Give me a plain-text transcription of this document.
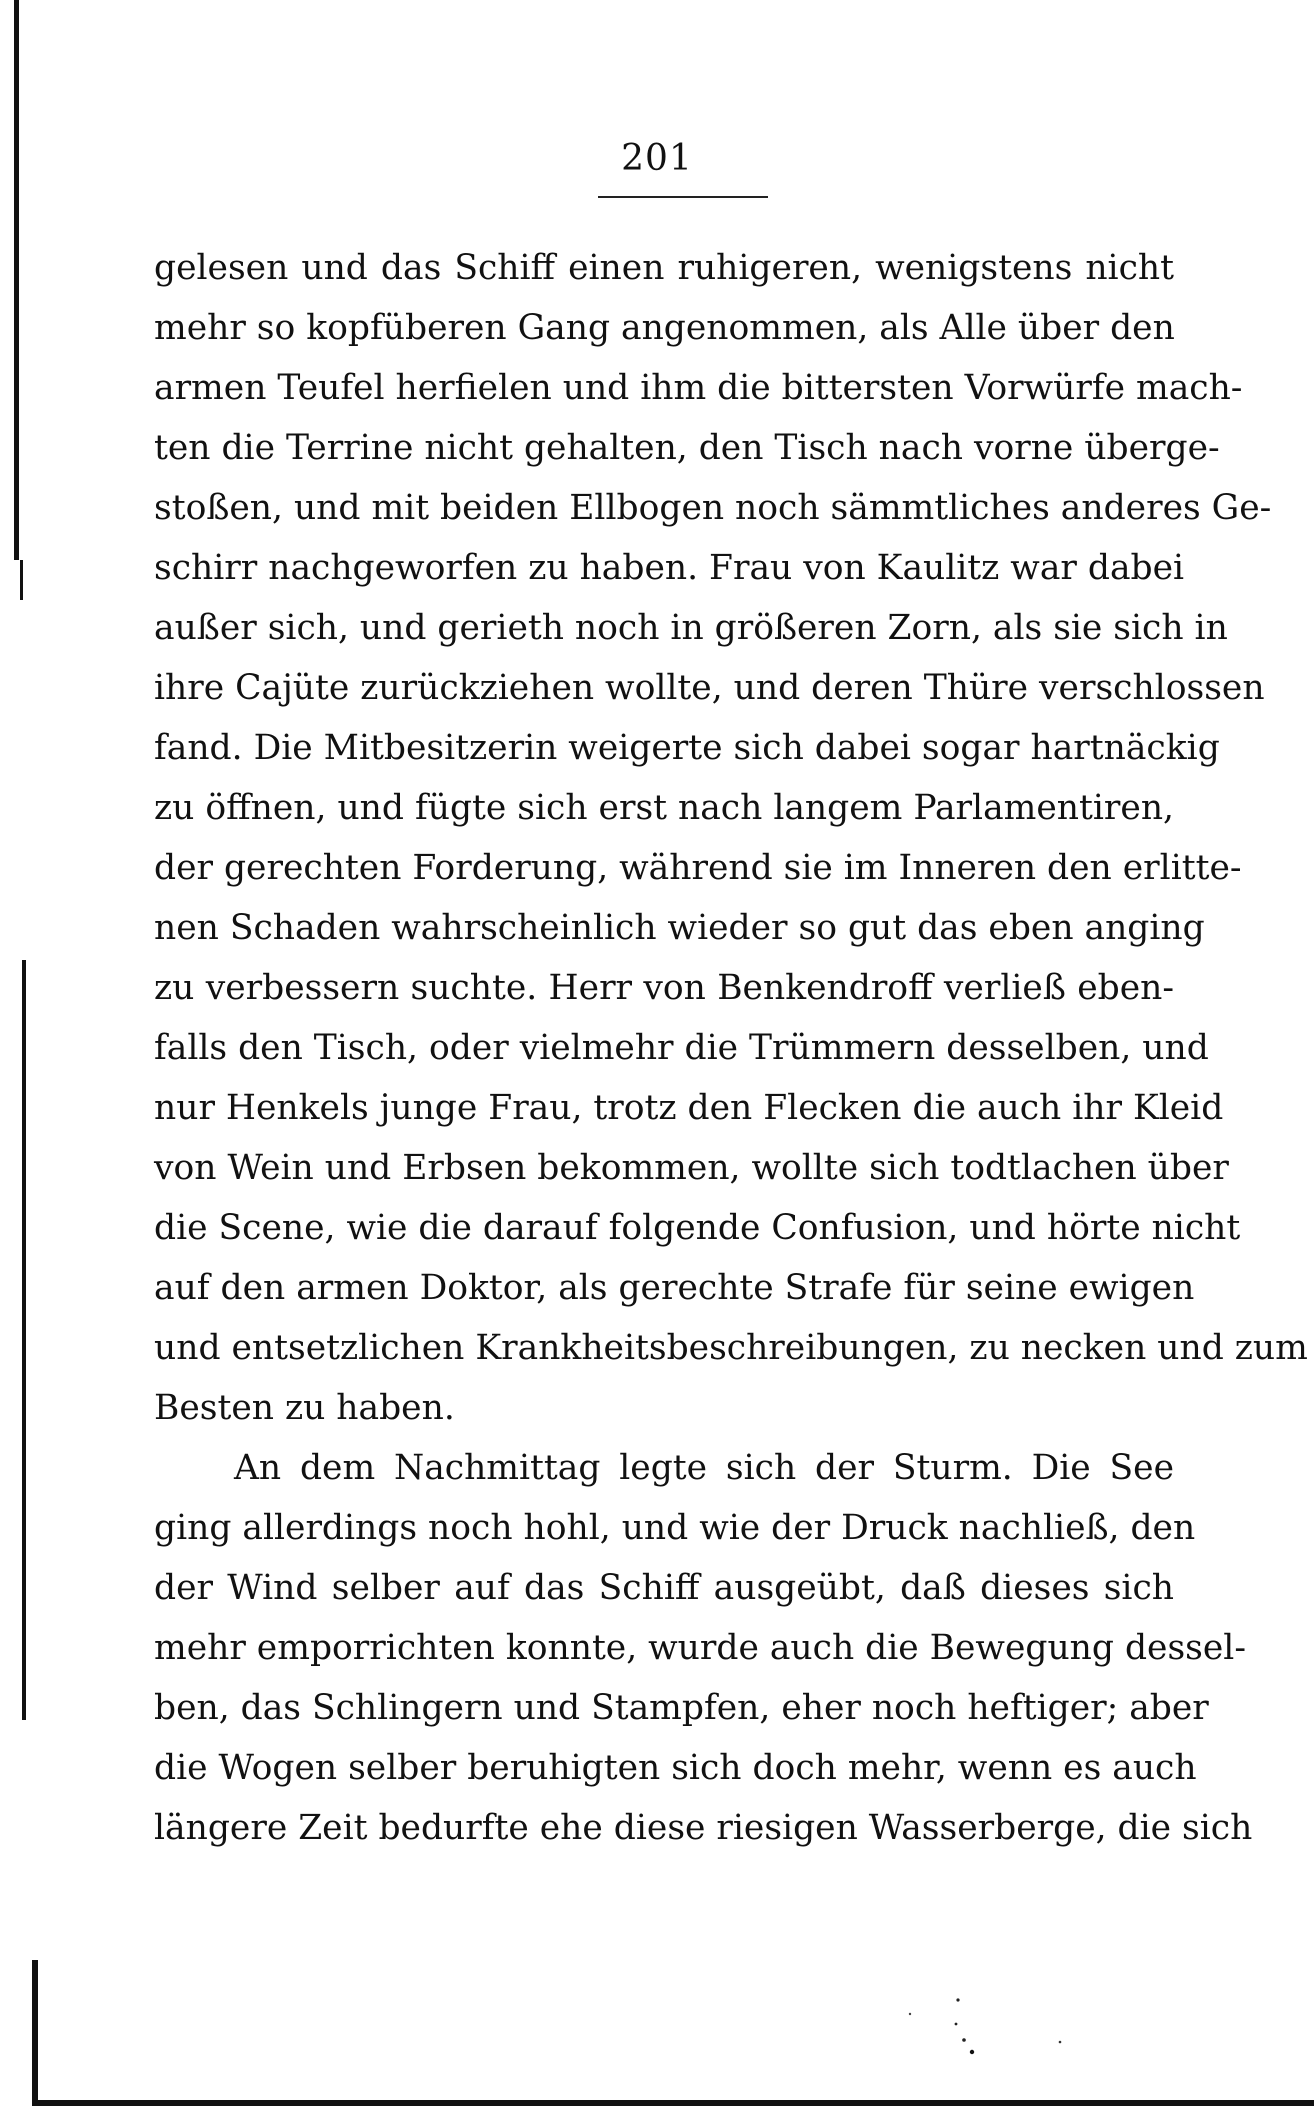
201
gelesen und das Schiff einen ruhigeren, wenigstens nicht
mehr so kopfüberen Gang angenommen, als Alle über den
armen Teufel herfielen und ihm die bittersten Vorwürfe mach-
ten die Terrine nicht gehalten, den Tisch nach vorne überge-
stoßen, und mit beiden Ellbogen noch sämmtliches anderes Ge-
schirr nachgeworfen zu haben. Frau von Kaulitz war dabei
außer sich, und gerieth noch in größeren Zorn, als sie sich in
ihre Cajüte zurückziehen wollte, und deren Thüre verschlossen
fand. Die Mitbesitzerin weigerte sich dabei sogar hartnäckig
zu öffnen, und fügte sich erst nach langem Parlamentiren,
der gerechten Forderung, während sie im Inneren den erlitte-
nen Schaden wahrscheinlich wieder so gut das eben anging
zu verbessern suchte. Herr von Benkendroff verließ eben-
falls den Tisch, oder vielmehr die Trümmern desselben, und
nur Henkels junge Frau, trotz den Flecken die auch ihr Kleid
von Wein und Erbsen bekommen, wollte sich todtlachen über
die Scene, wie die darauf folgende Confusion, und hörte nicht
auf den armen Doktor, als gerechte Strafe für seine ewigen
und entsetzlichen Krankheitsbeschreibungen, zu necken und zum
Besten zu haben.
An dem Nachmittag legte sich der Sturm. Die See
ging allerdings noch hohl, und wie der Druck nachließ, den
der Wind selber auf das Schiff ausgeübt, daß dieses sich
mehr emporrichten konnte, wurde auch die Bewegung dessel-
ben, das Schlingern und Stampfen, eher noch heftiger; aber
die Wogen selber beruhigten sich doch mehr, wenn es auch
längere Zeit bedurfte ehe diese riesigen Wasserberge, die sich
